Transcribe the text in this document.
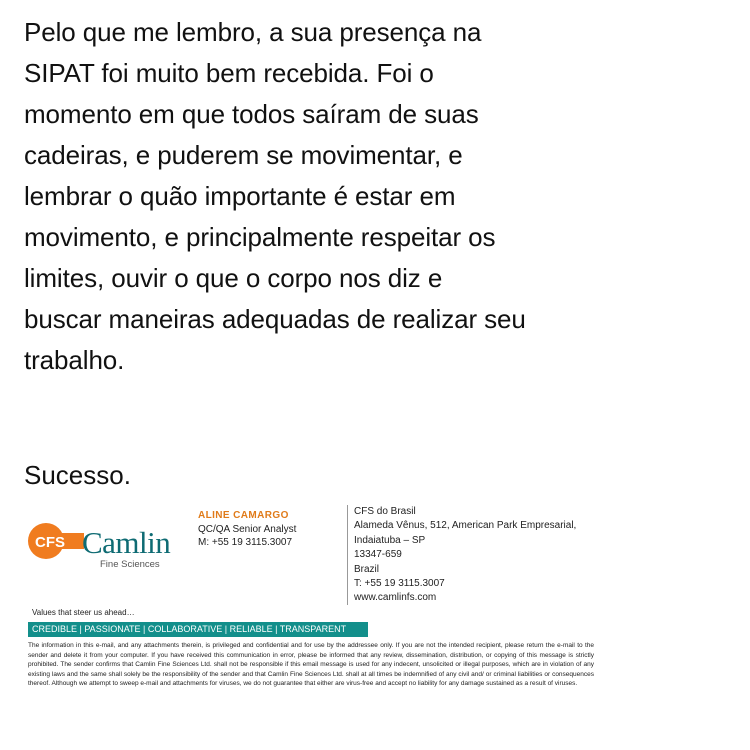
Pelo que me lembro, a sua presença na
SIPAT foi muito bem recebida. Foi o
momento em que todos saíram de suas
cadeiras, e puderem se movimentar, e
lembrar o quão importante é estar em
movimento, e principalmente respeitar os
limites, ouvir o que o corpo nos diz e
buscar maneiras adequadas de realizar seu
trabalho.
Sucesso.
CFS Camlin
Fine Sciences
ALINE CAMARGO
QC/QA Senior Analyst
M: +55 19 3115.3007
CFS do Brasil
Alameda Vênus, 512, American Park Empresarial,
Indaiatuba – SP
13347-659
Brazil
T: +55 19 3115.3007
www.camlinfs.com
Values that steer us ahead…
CREDIBLE | PASSIONATE | COLLABORATIVE | RELIABLE | TRANSPARENT
The information in this e-mail, and any attachments therein, is privileged and confidential and for use by the addressee only. If you are not the intended recipient, please return the e-mail to the sender and delete it from your computer. If you have received this communication in error, please be informed that any review, dissemination, distribution, or copying of this message is strictly prohibited. The sender confirms that Camlin Fine Sciences Ltd. shall not be responsible if this email message is used for any indecent, unsolicited or illegal purposes, which are in violation of any existing laws and the same shall solely be the responsibility of the sender and that Camlin Fine Sciences Ltd. shall at all times be indemnified of any civil and/ or criminal liabilities or consequences thereof. Although we attempt to sweep e-mail and attachments for viruses, we do not guarantee that either are virus-free and accept no liability for any damage sustained as a result of viruses.
